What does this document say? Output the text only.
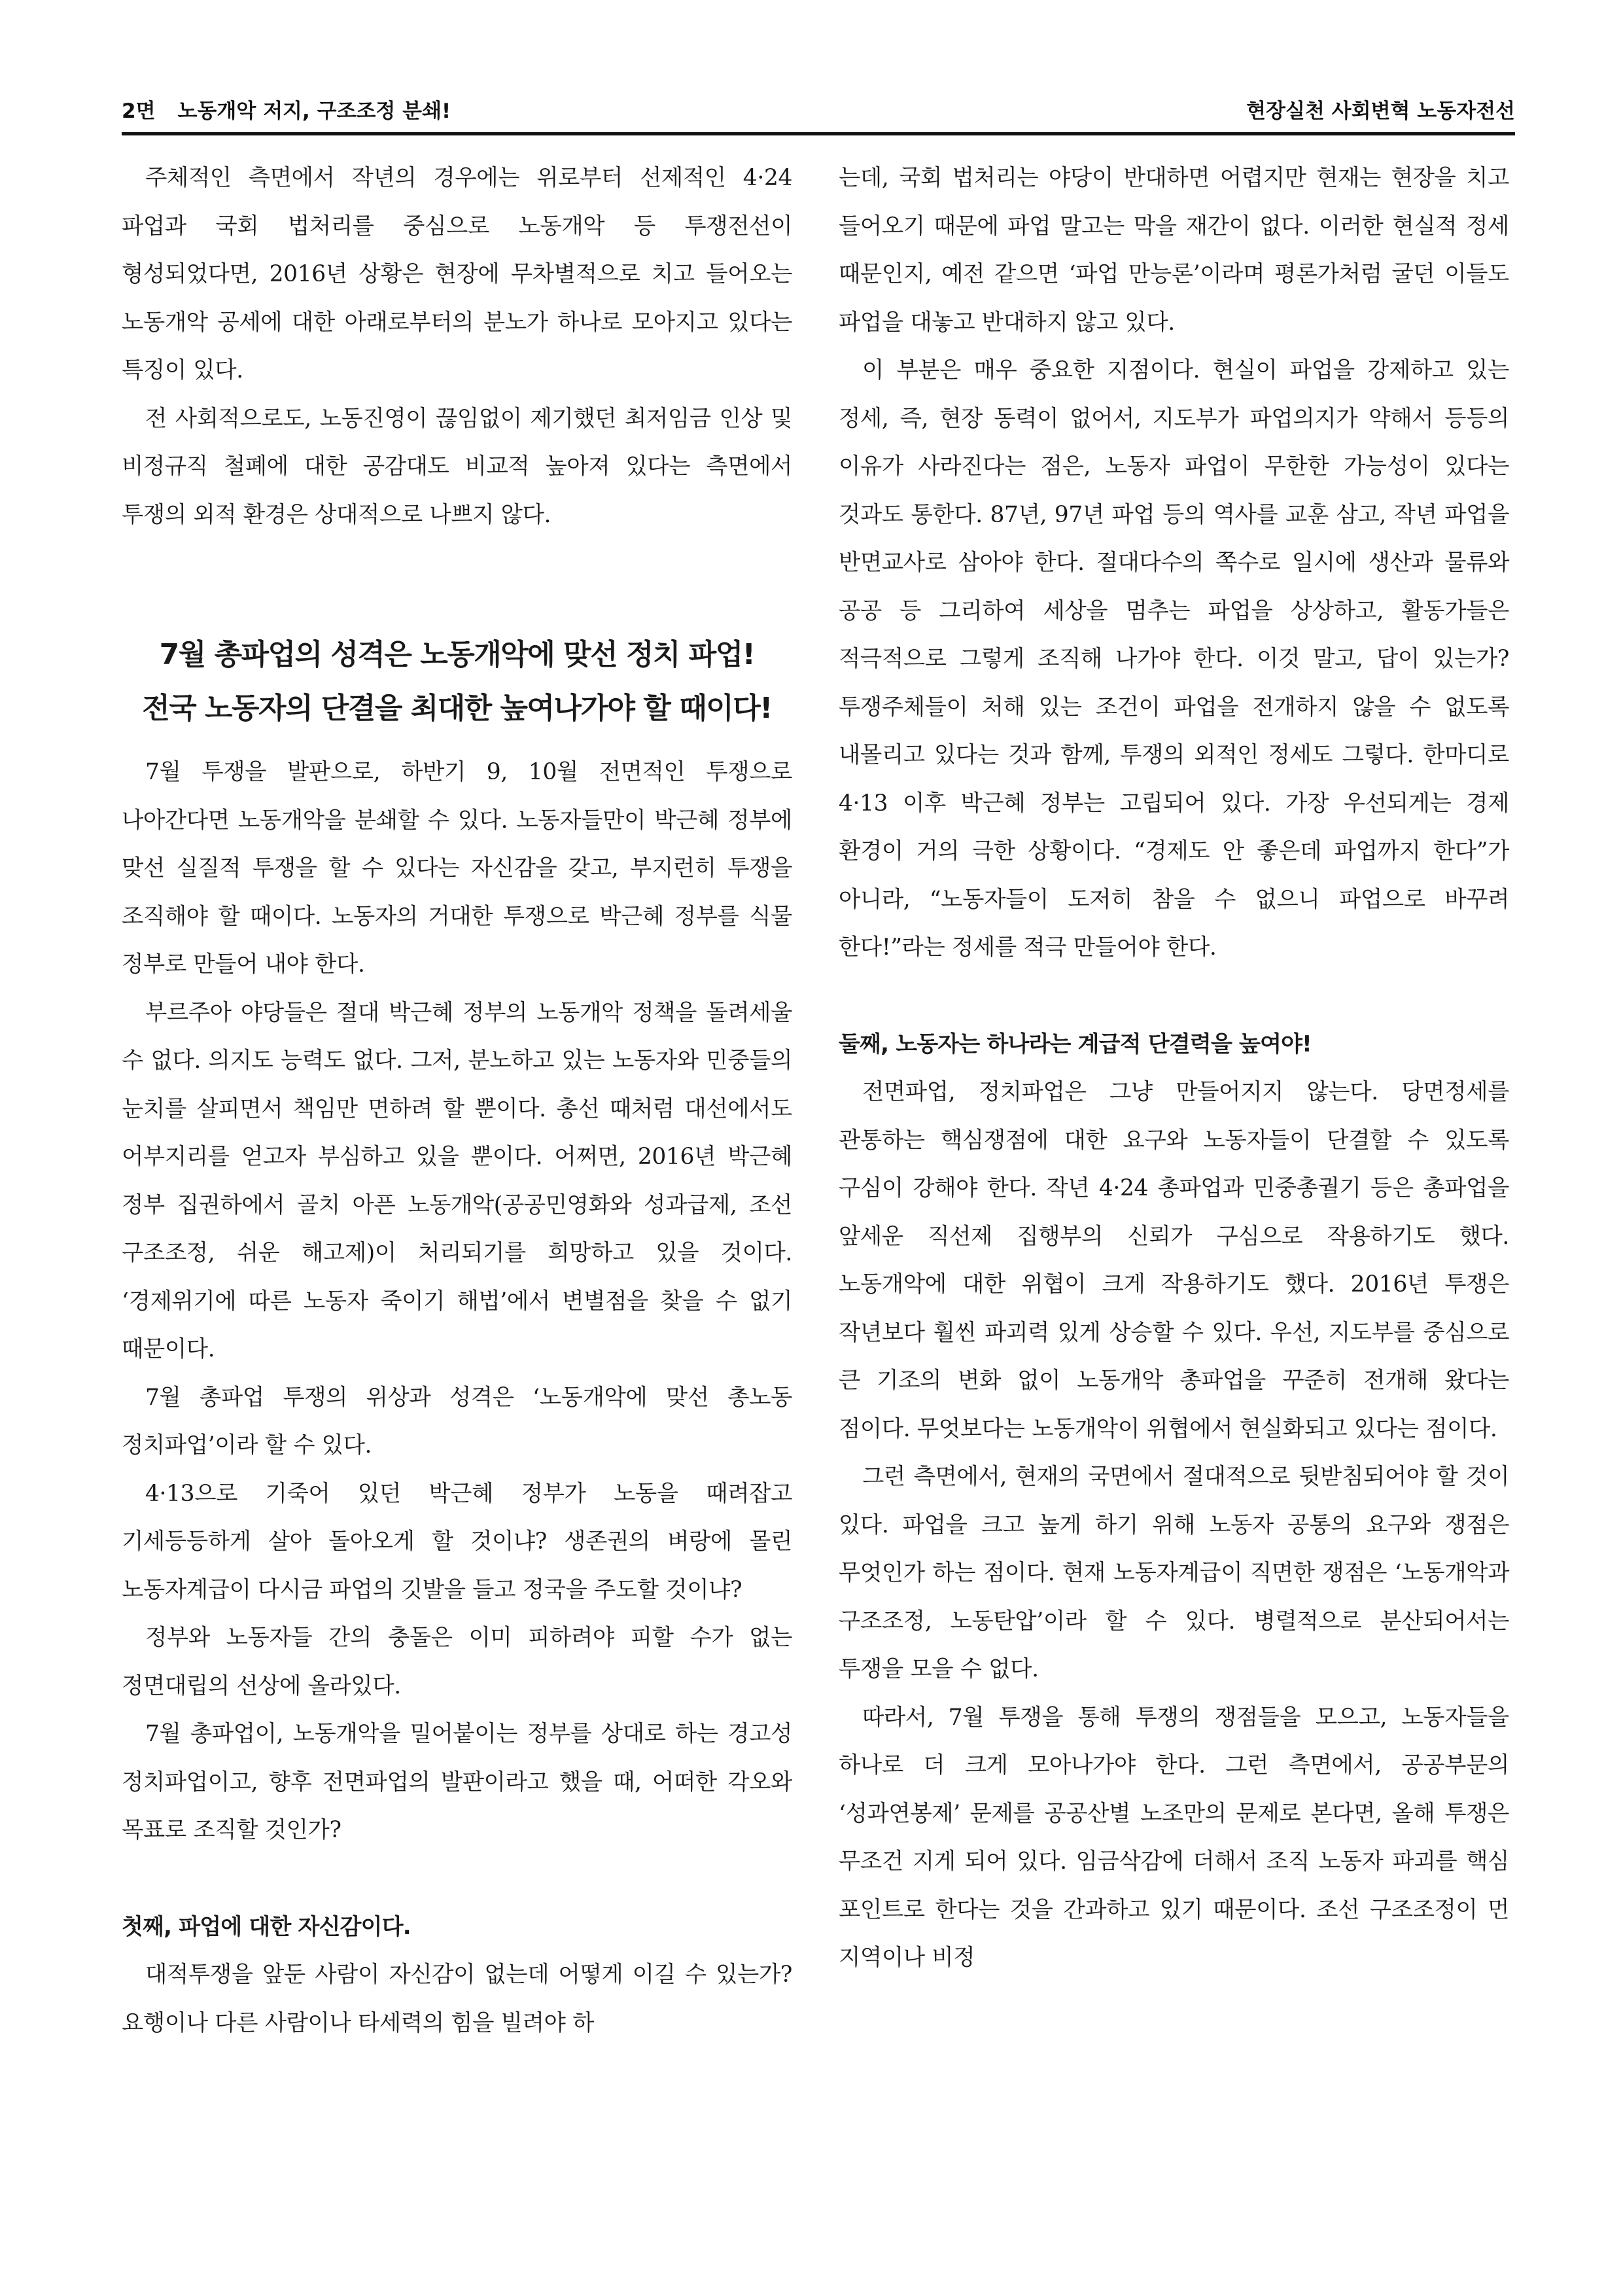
2면 노동개악 저지, 구조조정 분쇄!	현장실천 사회변혁 노동자전선

주체적인 측면에서 작년의 경우에는 위로부터 선제적인 4·24 파업과 국회 법처리를 중심으로 노동개악 등 투쟁전선이 형성되었다면, 2016년 상황은 현장에 무차별적으로 치고 들어오는 노동개악 공세에 대한 아래로부터의 분노가 하나로 모아지고 있다는 특징이 있다.

전 사회적으로도, 노동진영이 끊임없이 제기했던 최저임금 인상 및 비정규직 철폐에 대한 공감대도 비교적 높아져 있다는 측면에서 투쟁의 외적 환경은 상대적으로 나쁘지 않다.

7월 총파업의 성격은 노동개악에 맞선 정치 파업!
전국 노동자의 단결을 최대한 높여나가야 할 때이다!

7월 투쟁을 발판으로, 하반기 9, 10월 전면적인 투쟁으로 나아간다면 노동개악을 분쇄할 수 있다. 노동자들만이 박근혜 정부에 맞선 실질적 투쟁을 할 수 있다는 자신감을 갖고, 부지런히 투쟁을 조직해야 할 때이다. 노동자의 거대한 투쟁으로 박근혜 정부를 식물 정부로 만들어 내야 한다.

부르주아 야당들은 절대 박근혜 정부의 노동개악 정책을 돌려세울 수 없다. 의지도 능력도 없다. 그저, 분노하고 있는 노동자와 민중들의 눈치를 살피면서 책임만 면하려 할 뿐이다. 총선 때처럼 대선에서도 어부지리를 얻고자 부심하고 있을 뿐이다. 어쩌면, 2016년 박근혜 정부 집권하에서 골치 아픈 노동개악(공공민영화와 성과급제, 조선 구조조정, 쉬운 해고제)이 처리되기를 희망하고 있을 것이다. ‘경제위기에 따른 노동자 죽이기 해법’에서 변별점을 찾을 수 없기 때문이다.

7월 총파업 투쟁의 위상과 성격은 ‘노동개악에 맞선 총노동 정치파업’이라 할 수 있다.

4·13으로 기죽어 있던 박근혜 정부가 노동을 때려잡고 기세등등하게 살아 돌아오게 할 것이냐? 생존권의 벼랑에 몰린 노동자계급이 다시금 파업의 깃발을 들고 정국을 주도할 것이냐?

정부와 노동자들 간의 충돌은 이미 피하려야 피할 수가 없는 정면대립의 선상에 올라있다.

7월 총파업이, 노동개악을 밀어붙이는 정부를 상대로 하는 경고성 정치파업이고, 향후 전면파업의 발판이라고 했을 때, 어떠한 각오와 목표로 조직할 것인가?

첫째, 파업에 대한 자신감이다.

대적투쟁을 앞둔 사람이 자신감이 없는데 어떻게 이길 수 있는가? 요행이나 다른 사람이나 타세력의 힘을 빌려야 하

는데, 국회 법처리는 야당이 반대하면 어렵지만 현재는 현장을 치고 들어오기 때문에 파업 말고는 막을 재간이 없다. 이러한 현실적 정세 때문인지, 예전 같으면 ‘파업 만능론’이라며 평론가처럼 굴던 이들도 파업을 대놓고 반대하지 않고 있다.

이 부분은 매우 중요한 지점이다. 현실이 파업을 강제하고 있는 정세, 즉, 현장 동력이 없어서, 지도부가 파업의지가 약해서 등등의 이유가 사라진다는 점은, 노동자 파업이 무한한 가능성이 있다는 것과도 통한다. 87년, 97년 파업 등의 역사를 교훈 삼고, 작년 파업을 반면교사로 삼아야 한다. 절대다수의 쪽수로 일시에 생산과 물류와 공공 등 그리하여 세상을 멈추는 파업을 상상하고, 활동가들은 적극적으로 그렇게 조직해 나가야 한다. 이것 말고, 답이 있는가? 투쟁주체들이 처해 있는 조건이 파업을 전개하지 않을 수 없도록 내몰리고 있다는 것과 함께, 투쟁의 외적인 정세도 그렇다. 한마디로 4·13 이후 박근혜 정부는 고립되어 있다. 가장 우선되게는 경제 환경이 거의 극한 상황이다. “경제도 안 좋은데 파업까지 한다”가 아니라, “노동자들이 도저히 참을 수 없으니 파업으로 바꾸려 한다!”라는 정세를 적극 만들어야 한다.

둘째, 노동자는 하나라는 계급적 단결력을 높여야!

전면파업, 정치파업은 그냥 만들어지지 않는다. 당면정세를 관통하는 핵심쟁점에 대한 요구와 노동자들이 단결할 수 있도록 구심이 강해야 한다. 작년 4·24 총파업과 민중총궐기 등은 총파업을 앞세운 직선제 집행부의 신뢰가 구심으로 작용하기도 했다. 노동개악에 대한 위협이 크게 작용하기도 했다. 2016년 투쟁은 작년보다 훨씬 파괴력 있게 상승할 수 있다. 우선, 지도부를 중심으로 큰 기조의 변화 없이 노동개악 총파업을 꾸준히 전개해 왔다는 점이다. 무엇보다는 노동개악이 위협에서 현실화되고 있다는 점이다.

그런 측면에서, 현재의 국면에서 절대적으로 뒷받침되어야 할 것이 있다. 파업을 크고 높게 하기 위해 노동자 공통의 요구와 쟁점은 무엇인가 하는 점이다. 현재 노동자계급이 직면한 쟁점은 ‘노동개악과 구조조정, 노동탄압’이라 할 수 있다. 병렬적으로 분산되어서는 투쟁을 모을 수 없다.

따라서, 7월 투쟁을 통해 투쟁의 쟁점들을 모으고, 노동자들을 하나로 더 크게 모아나가야 한다. 그런 측면에서, 공공부문의 ‘성과연봉제’ 문제를 공공산별 노조만의 문제로 본다면, 올해 투쟁은 무조건 지게 되어 있다. 임금삭감에 더해서 조직 노동자 파괴를 핵심 포인트로 한다는 것을 간과하고 있기 때문이다. 조선 구조조정이 먼 지역이나 비정
